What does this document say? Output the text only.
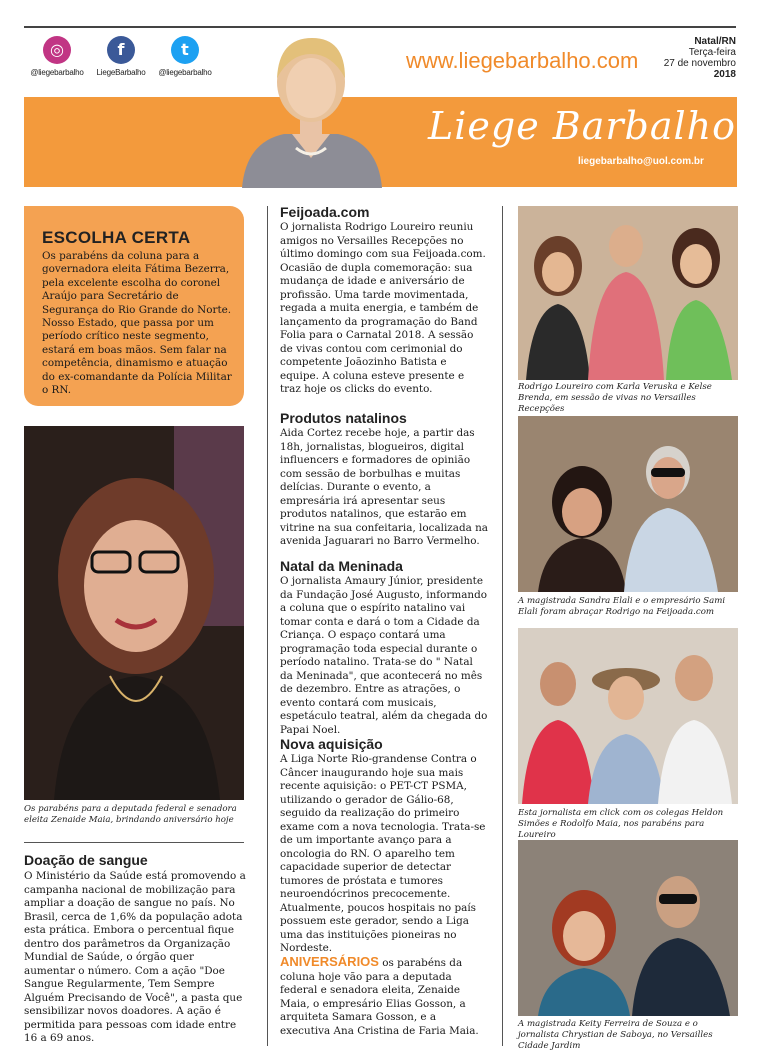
◎
@liegebarbalho
f
LiegeBarbalho
t
@liegebarbalho	www.liegebarbalho.com
Natal/RN
Terça-feira
27 de novembro
2018
Liege Barbalho
liegebarbalho@uol.com.br
ESCOLHA CERTA

Os parabéns da coluna para a governadora eleita Fátima Bezerra, pela excelente escolha do coronel Araújo para Secretário de Segurança do Rio Grande do Norte. Nosso Estado, que passa por um período crítico neste segmento, estará em boas mãos. Sem falar na competência, dinamismo e atuação do ex-comandante da Polícia Militar o RN.

Os parabéns para a deputada federal e senadora eleita Zenaide Maia, brindando aniversário hoje
Doação de sangue

O Ministério da Saúde está promovendo a campanha nacional de mobilização para ampliar a doação de sangue no país. No Brasil, cerca de 1,6% da população adota esta prática. Embora o percentual fique dentro dos parâmetros da Organização Mundial de Saúde, o órgão quer aumentar o número. Com a ação "Doe Sangue Regularmente, Tem Sempre Alguém Precisando de Você", a pasta que sensibilizar novos doadores. A ação é permitida para pessoas com idade entre 16 a 69 anos.

Feijoada.com

O jornalista Rodrigo Loureiro reuniu amigos no Versailles Recepções no último domingo com sua Feijoada.com. Ocasião de dupla comemoração: sua mudança de idade e aniversário de profissão. Uma tarde movimentada, regada a muita energia, e também de lançamento da programação do Band Folia para o Carnatal 2018. A sessão de vivas contou com cerimonial do competente Joãozinho Batista e equipe. A coluna esteve presente e traz hoje os clicks do evento.

Produtos natalinos

Aida Cortez recebe hoje, a partir das 18h, jornalistas, blogueiros, digital influencers e formadores de opinião com sessão de borbulhas e muitas delícias. Durante o evento, a empresária irá apresentar seus produtos natalinos, que estarão em vitrine na sua confeitaria, localizada na avenida Jaguarari no Barro Vermelho.

Natal da Meninada

O jornalista Amaury Júnior, presidente da Fundação José Augusto, informando a coluna que o espírito natalino vai tomar conta e dará o tom a Cidade da Criança. O espaço contará uma programação toda especial durante o período natalino. Trata-se do " Natal da Meninada", que acontecerá no mês de dezembro. Entre as atrações, o evento contará com musicais, espetáculo teatral, além da chegada do Papai Noel.

Nova aquisição

A Liga Norte Rio-grandense Contra o Câncer inaugurando hoje sua mais recente aquisição: o PET-CT PSMA, utilizando o gerador de Gálio-68, seguido da realização do primeiro exame com a nova tecnologia. Trata-se de um importante avanço para a oncologia do RN. O aparelho tem capacidade superior de detectar tumores de próstata e tumores neuroendócrinos precocemente. Atualmente, poucos hospitais no país possuem este gerador, sendo a Liga uma das instituições pioneiras no Nordeste.

ANIVERSÁRIOS os parabéns da coluna hoje vão para a deputada federal e senadora eleita, Zenaide Maia, o empresário Elias Gosson, a arquiteta Samara Gosson, e a executiva Ana Cristina de Faria Maia.

Rodrigo Loureiro com Karla Veruska e Kelse Brenda, em sessão de vivas no Versailles Recepções
A magistrada Sandra Elali e o empresário Sami Elali foram abraçar Rodrigo na Feijoada.com
Esta jornalista em click com os colegas Heldon Simões e Rodolfo Maia, nos parabéns para Loureiro
A magistrada Keity Ferreira de Souza e o jornalista Chrystian de Saboya, no Versailles Cidade Jardim
